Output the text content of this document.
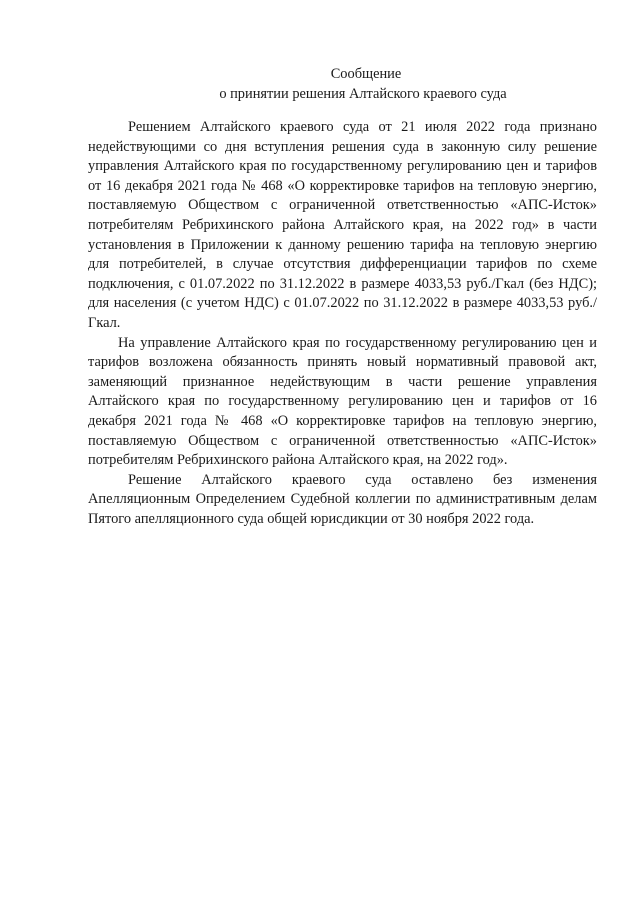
Сообщение
о принятии решения Алтайского краевого суда

Решением Алтайского краевого суда от 21 июля 2022 года признано недействующими со дня вступления решения суда в законную силу решение управления Алтайского края по государственному регулированию цен и тарифов от 16 декабря 2021 года № 468 «О корректировке тарифов на тепловую энергию, поставляемую Обществом с ограниченной ответственностью «АПС-Исток» потребителям Ребрихинского района Алтайского края, на 2022 год» в части установления в Приложении к данному решению тарифа на тепловую энергию для потребителей, в случае отсутствия дифференциации тарифов по схеме подключения, с 01.07.2022 по 31.12.2022 в размере 4033,53 руб./Гкал (без НДС); для населения (с учетом НДС) с 01.07.2022 по 31.12.2022 в размере 4033,53 руб./Гкал.

На управление Алтайского края по государственному регулированию цен и тарифов возложена обязанность принять новый нормативный правовой акт, заменяющий признанное недействующим в части решение управления Алтайского края по государственному регулированию цен и тарифов от 16 декабря 2021 года № 468 «О корректировке тарифов на тепловую энергию, поставляемую Обществом с ограниченной ответственностью «АПС-Исток» потребителям Ребрихинского района Алтайского края, на 2022 год».

Решение Алтайского краевого суда оставлено без изменения Апелляционным Определением Судебной коллегии по административным делам Пятого апелляционного суда общей юрисдикции от 30 ноября 2022 года.
